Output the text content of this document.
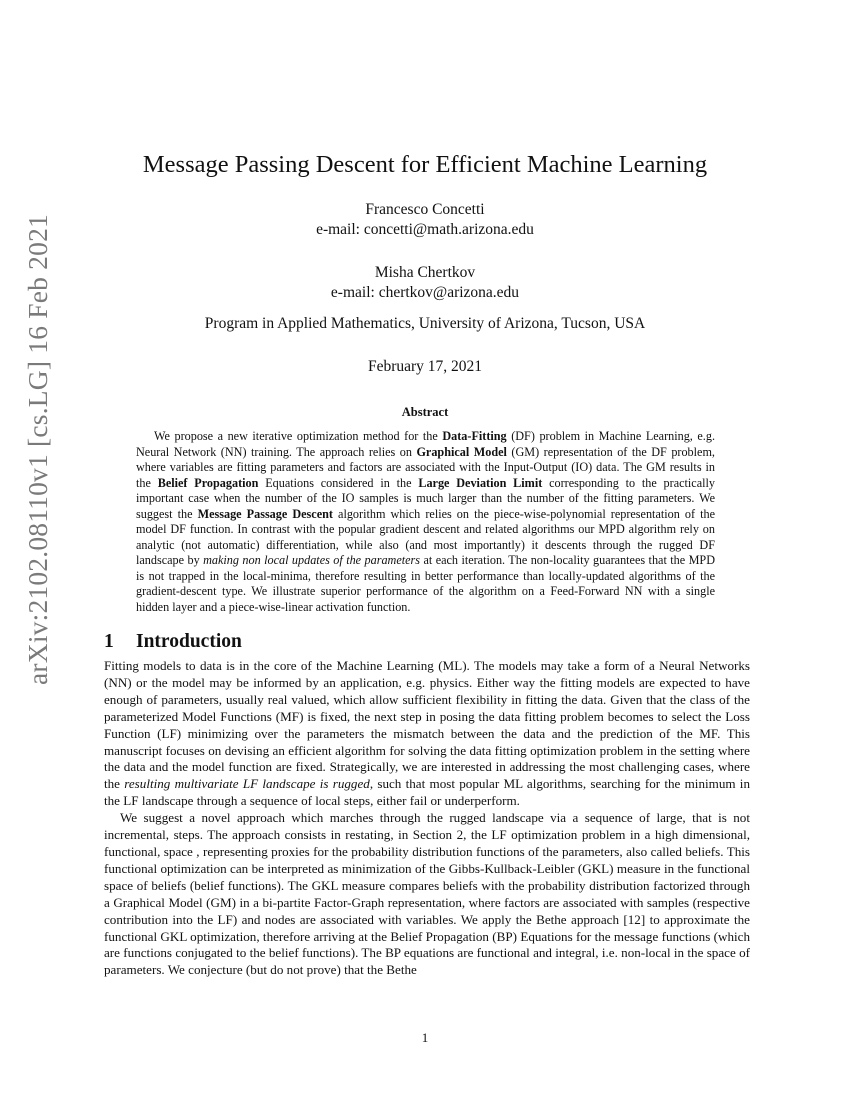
arXiv:2102.08110v1 [cs.LG] 16 Feb 2021
Message Passing Descent for Efficient Machine Learning
Francesco Concetti
e-mail: concetti@math.arizona.edu
Misha Chertkov
e-mail: chertkov@arizona.edu
Program in Applied Mathematics, University of Arizona, Tucson, USA
February 17, 2021
Abstract

We propose a new iterative optimization method for the Data-Fitting (DF) problem in Machine Learning, e.g. Neural Network (NN) training. The approach relies on Graphical Model (GM) representation of the DF problem, where variables are fitting parameters and factors are associated with the Input-Output (IO) data. The GM results in the Belief Propagation Equations considered in the Large Deviation Limit corresponding to the practically important case when the number of the IO samples is much larger than the number of the fitting parameters. We suggest the Message Passage Descent algorithm which relies on the piece-wise-polynomial representation of the model DF function. In contrast with the popular gradient descent and related algorithms our MPD algorithm rely on analytic (not automatic) differentiation, while also (and most importantly) it descents through the rugged DF landscape by making non local updates of the parameters at each iteration. The non-locality guarantees that the MPD is not trapped in the local-minima, therefore resulting in better performance than locally-updated algorithms of the gradient-descent type. We illustrate superior performance of the algorithm on a Feed-Forward NN with a single hidden layer and a piece-wise-linear activation function.

1 Introduction

Fitting models to data is in the core of the Machine Learning (ML). The models may take a form of a Neural Networks (NN) or the model may be informed by an application, e.g. physics. Either way the fitting models are expected to have enough of parameters, usually real valued, which allow sufficient flexibility in fitting the data. Given that the class of the parameterized Model Functions (MF) is fixed, the next step in posing the data fitting problem becomes to select the Loss Function (LF) minimizing over the parameters the mismatch between the data and the prediction of the MF. This manuscript focuses on devising an efficient algorithm for solving the data fitting optimization problem in the setting where the data and the model function are fixed. Strategically, we are interested in addressing the most challenging cases, where the resulting multivariate LF landscape is rugged, such that most popular ML algorithms, searching for the minimum in the LF landscape through a sequence of local steps, either fail or underperform.

We suggest a novel approach which marches through the rugged landscape via a sequence of large, that is not incremental, steps. The approach consists in restating, in Section 2, the LF optimization problem in a high dimensional, functional, space , representing proxies for the probability distribution functions of the parameters, also called beliefs. This functional optimization can be interpreted as minimization of the Gibbs-Kullback-Leibler (GKL) measure in the functional space of beliefs (belief functions). The GKL measure compares beliefs with the probability distribution factorized through a Graphical Model (GM) in a bi-partite Factor-Graph representation, where factors are associated with samples (respective contribution into the LF) and nodes are associated with variables. We apply the Bethe approach [12] to approximate the functional GKL optimization, therefore arriving at the Belief Propagation (BP) Equations for the message functions (which are functions conjugated to the belief functions). The BP equations are functional and integral, i.e. non-local in the space of parameters. We conjecture (but do not prove) that the Bethe

1
